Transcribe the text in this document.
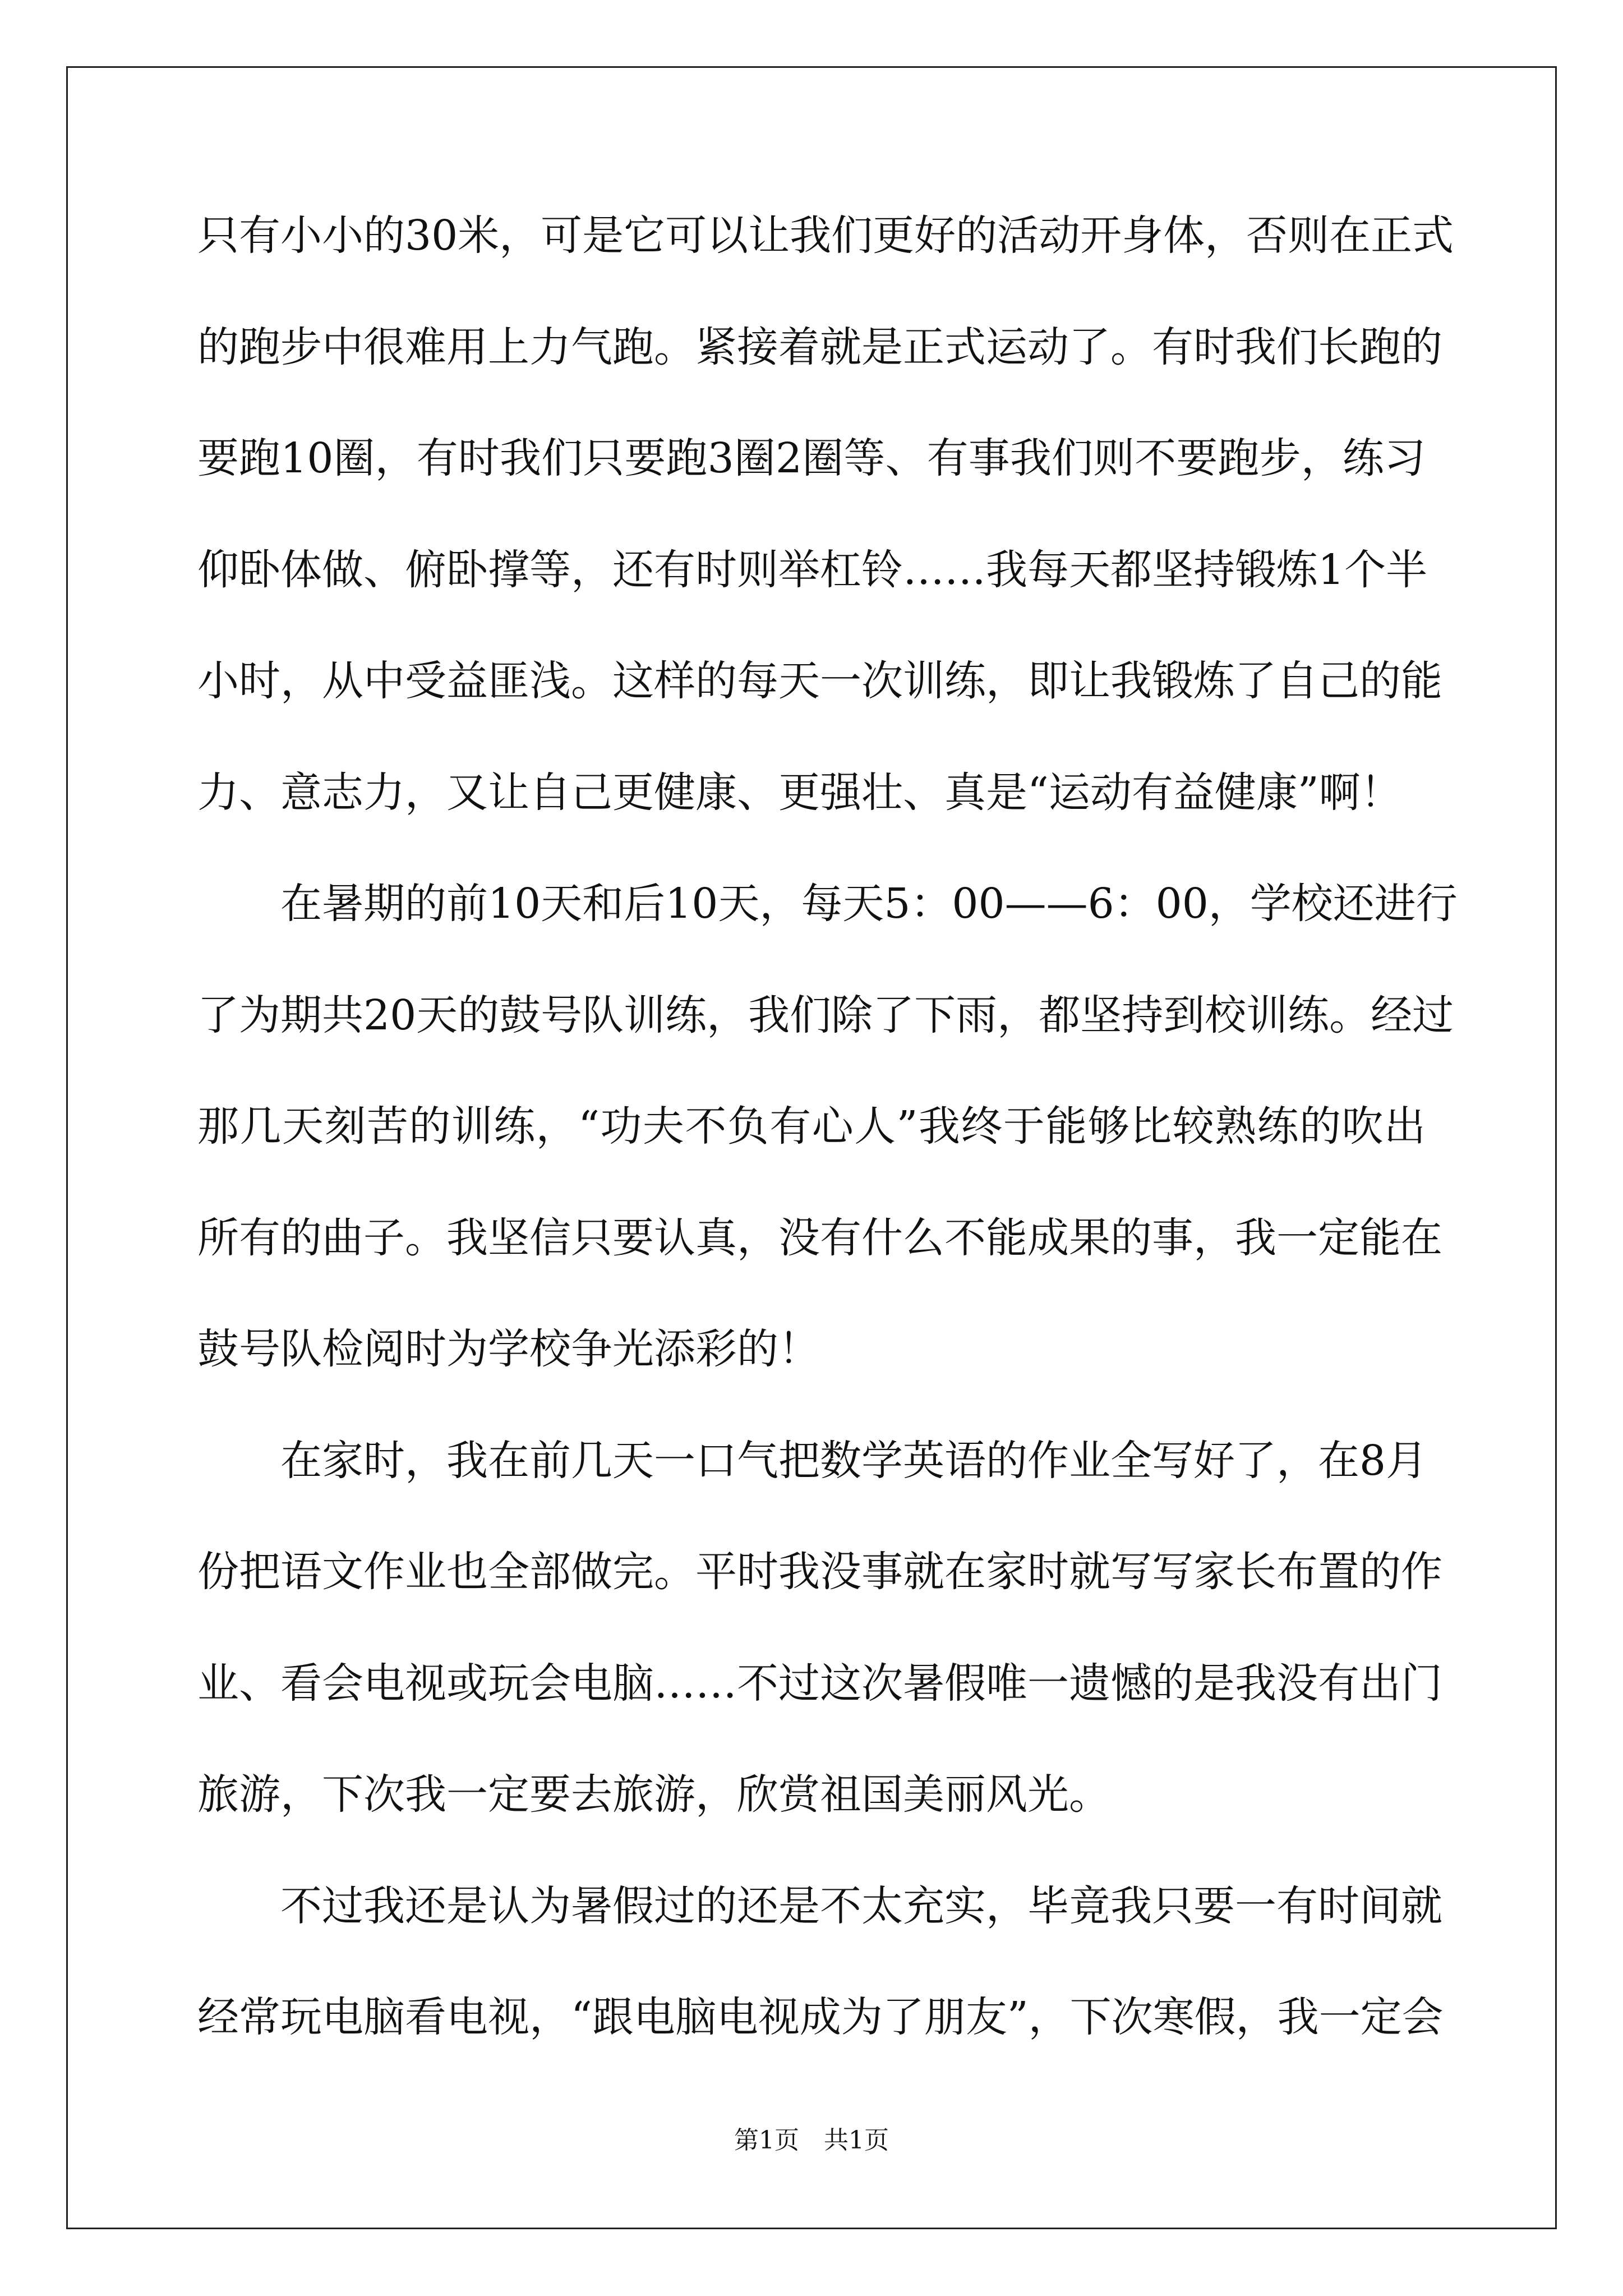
只有小小的30米，可是它可以让我们更好的活动开身体，否则在正式
的跑步中很难用上力气跑。紧接着就是正式运动了。有时我们长跑的
要跑10圈，有时我们只要跑3圈2圈等、有事我们则不要跑步，练习
仰卧体做、俯卧撑等，还有时则举杠铃……我每天都坚持锻炼1个半
小时，从中受益匪浅。这样的每天一次训练，即让我锻炼了自己的能
力、意志力，又让自己更健康、更强壮、真是“运动有益健康”啊！
　　在暑期的前10天和后10天，每天5：00——6：00，学校还进行
了为期共20天的鼓号队训练，我们除了下雨，都坚持到校训练。经过
那几天刻苦的训练，“功夫不负有心人”我终于能够比较熟练的吹出
所有的曲子。我坚信只要认真，没有什么不能成果的事，我一定能在
鼓号队检阅时为学校争光添彩的！
　　在家时，我在前几天一口气把数学英语的作业全写好了，在8月
份把语文作业也全部做完。平时我没事就在家时就写写家长布置的作
业、看会电视或玩会电脑……不过这次暑假唯一遗憾的是我没有出门
旅游，下次我一定要去旅游，欣赏祖国美丽风光。
　　不过我还是认为暑假过的还是不太充实，毕竟我只要一有时间就
经常玩电脑看电视，“跟电脑电视成为了朋友”，下次寒假，我一定会
第1页　共1页
